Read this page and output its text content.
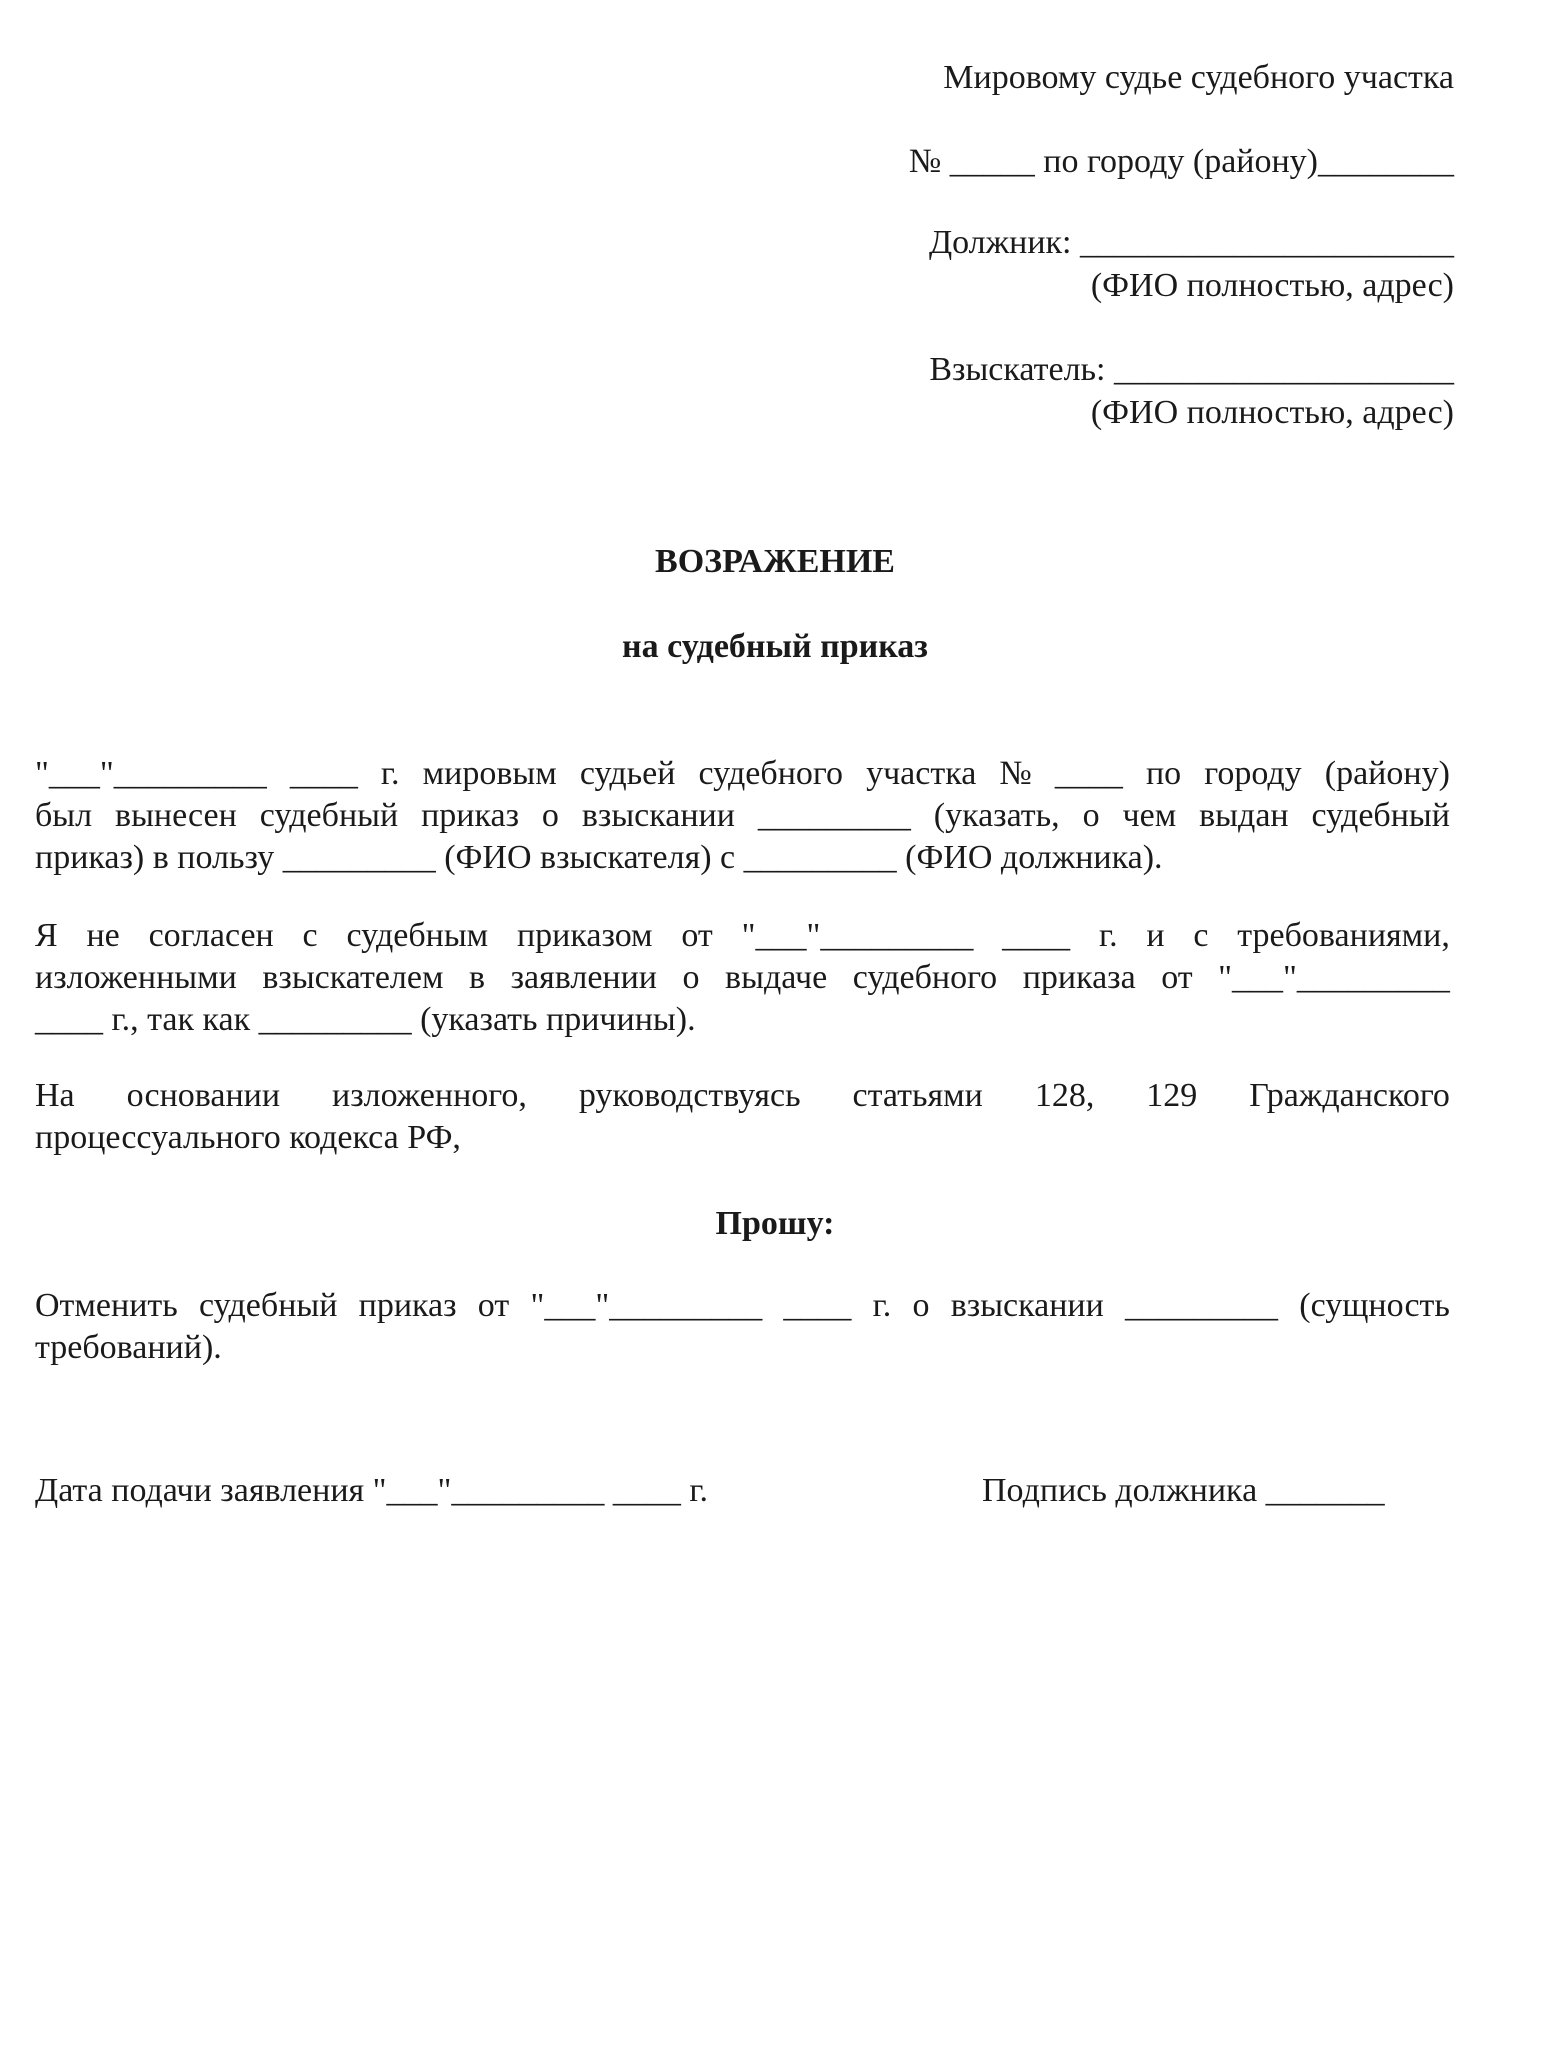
Мировому судье судебного участка
№ _____ по городу (району)________
Должник: ______________________
(ФИО полностью, адрес)
Взыскатель: ____________________
(ФИО полностью, адрес)
ВОЗРАЖЕНИЕ
на судебный приказ
"___"_________ ____ г. мировым судьей судебного участка № ____ по городу (району)
был вынесен судебный приказ о взыскании _________ (указать, о чем выдан судебный
приказ) в пользу _________ (ФИО взыскателя) с _________ (ФИО должника).
Я не согласен с судебным приказом от "___"_________ ____ г. и с требованиями,
изложенными взыскателем в заявлении о выдаче судебного приказа от "___"_________
____ г., так как _________ (указать причины).
На основании изложенного, руководствуясь статьями 128, 129 Гражданского
процессуального кодекса РФ,
Прошу:
Отменить судебный приказ от "___"_________ ____ г. о взыскании _________ (сущность
требований).
Дата подачи заявления "___"_________ ____ г.	Подпись должника _______
